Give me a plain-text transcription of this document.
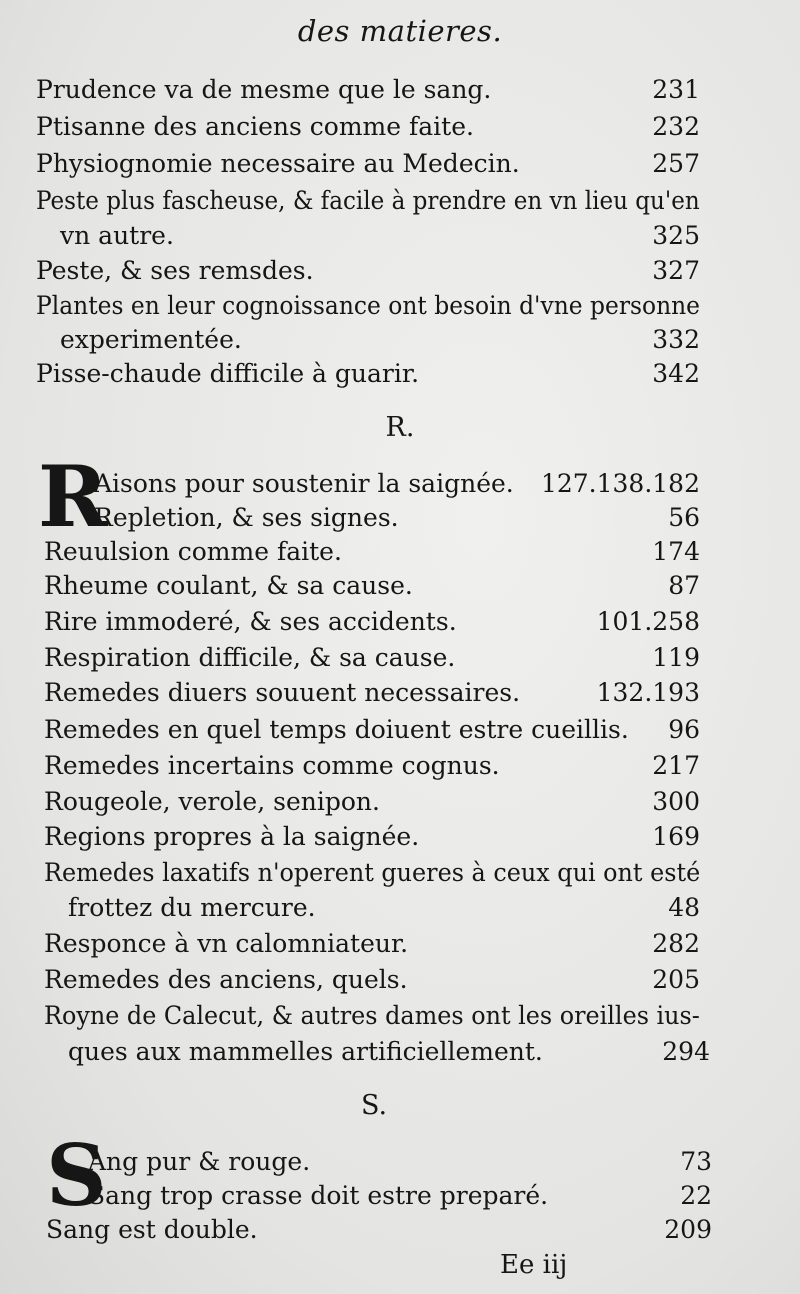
des matieres.
Prudence va de mesme que le sang.	231
Ptisanne des anciens comme faite.	232
Physiognomie necessaire au Medecin.	257
Peste plus fascheuse, & facile à prendre en vn lieu qu'en
vn autre.	325
Peste, & ses remsdes.	327
Plantes en leur cognoissance ont besoin d'vne personne
experimentée.	332
Pisse-chaude difficile à guarir.	342
R.
R
Aisons pour soustenir la saignée. 127.138.182
Repletion, & ses signes.	56
Reuulsion comme faite.	174
Rheume coulant, & sa cause.	87
Rire immoderé, & ses accidents.	101.258
Respiration difficile, & sa cause.	119
Remedes diuers souuent necessaires.	132.193
Remedes en quel temps doiuent estre cueillis. 96
Remedes incertains comme cognus.	217
Rougeole, verole, senipon.	300
Regions propres à la saignée.	169
Remedes laxatifs n'operent gueres à ceux qui ont esté
frottez du mercure.	48
Responce à vn calomniateur.	282
Remedes des anciens, quels.	205
Royne de Calecut, & autres dames ont les oreilles ius-
ques aux mammelles artificiellement.	294
S.
S
Ang pur & rouge.	73
Sang trop crasse doit estre preparé.	22
Sang est double.	209
Ee iij
